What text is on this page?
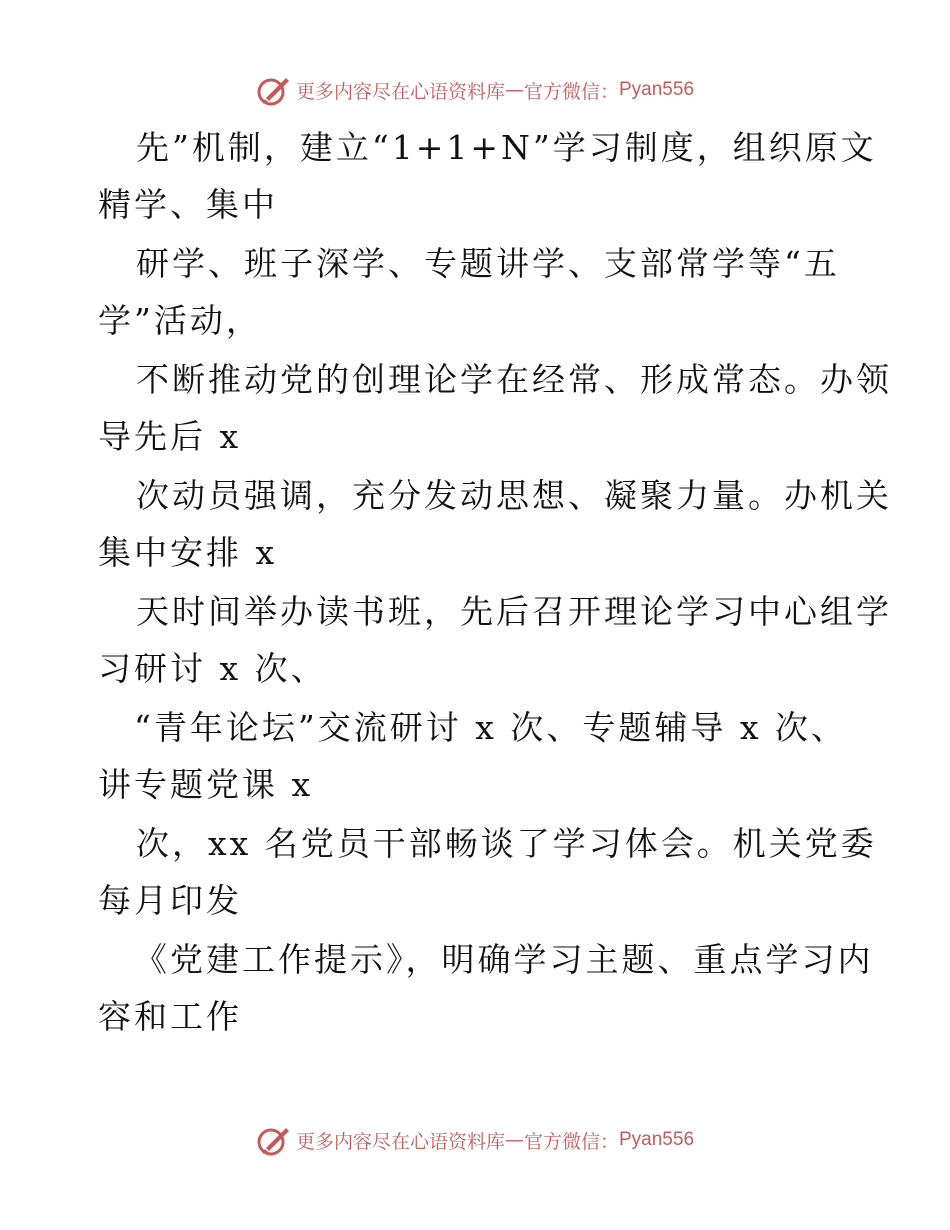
更多内容尽在心语资料库 — 官方微信： Pyan556
先”机制，建立“1+1+N”学习制度，组织原文
精学、集中
研学、班子深学、专题讲学、支部常学等“五
学”活动，
不断推动党的创理论学在经常、形成常态。办领
导先后 x
次动员强调，充分发动思想、凝聚力量。办机关
集中安排 x
天时间举办读书班，先后召开理论学习中心组学
习研讨 x 次、
“青年论坛”交流研讨 x 次、专题辅导 x 次、
讲专题党课 x
次，xx 名党员干部畅谈了学习体会。机关党委
每月印发
《党建工作提示》，明确学习主题、重点学习内
容和工作
更多内容尽在心语资料库 — 官方微信： Pyan556
